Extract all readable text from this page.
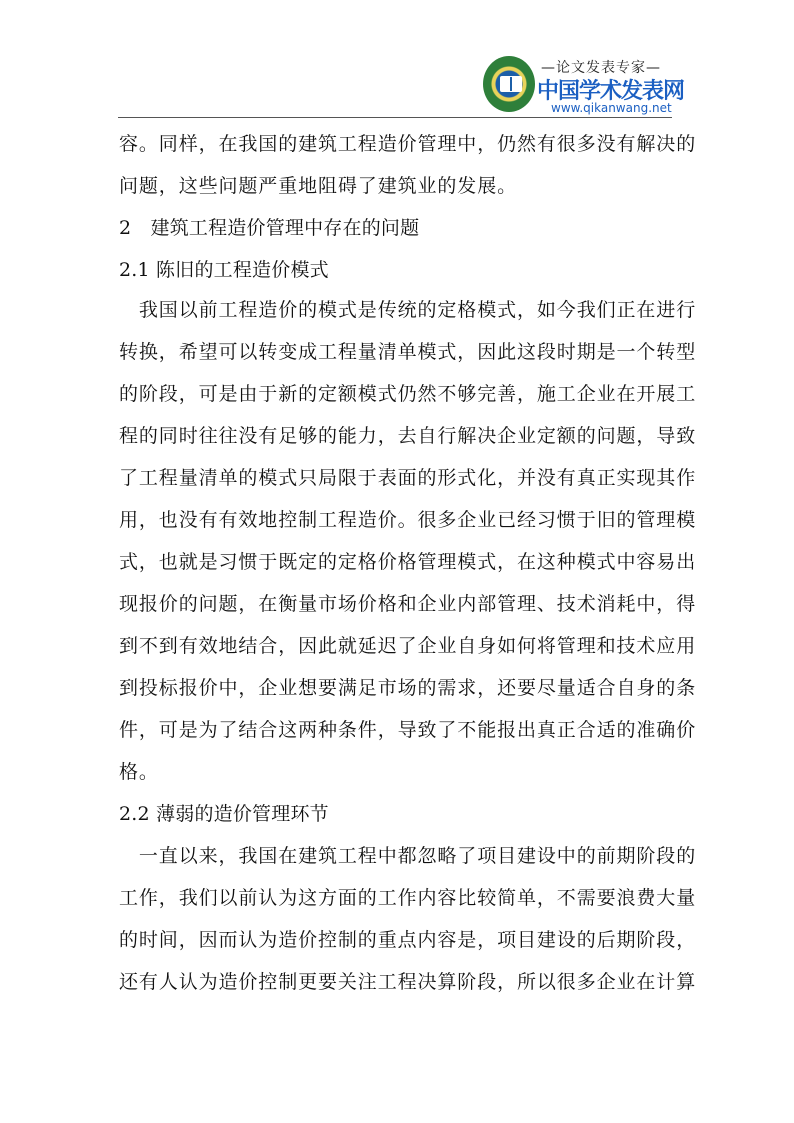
—论文发表专家—
中国学术发表网
www.qikanwang.net
容。同样，在我国的建筑工程造价管理中，仍然有很多没有解决的
问题，这些问题严重地阻碍了建筑业的发展。
2　建筑工程造价管理中存在的问题
2.1 陈旧的工程造价模式
　我国以前工程造价的模式是传统的定格模式，如今我们正在进行
转换，希望可以转变成工程量清单模式，因此这段时期是一个转型
的阶段，可是由于新的定额模式仍然不够完善，施工企业在开展工
程的同时往往没有足够的能力，去自行解决企业定额的问题，导致
了工程量清单的模式只局限于表面的形式化，并没有真正实现其作
用，也没有有效地控制工程造价。很多企业已经习惯于旧的管理模
式，也就是习惯于既定的定格价格管理模式，在这种模式中容易出
现报价的问题，在衡量市场价格和企业内部管理、技术消耗中，得
到不到有效地结合，因此就延迟了企业自身如何将管理和技术应用
到投标报价中，企业想要满足市场的需求，还要尽量适合自身的条
件，可是为了结合这两种条件，导致了不能报出真正合适的准确价
格。
2.2 薄弱的造价管理环节
　一直以来，我国在建筑工程中都忽略了项目建设中的前期阶段的
工作，我们以前认为这方面的工作内容比较简单，不需要浪费大量
的时间，因而认为造价控制的重点内容是，项目建设的后期阶段，
还有人认为造价控制更要关注工程决算阶段，所以很多企业在计算
